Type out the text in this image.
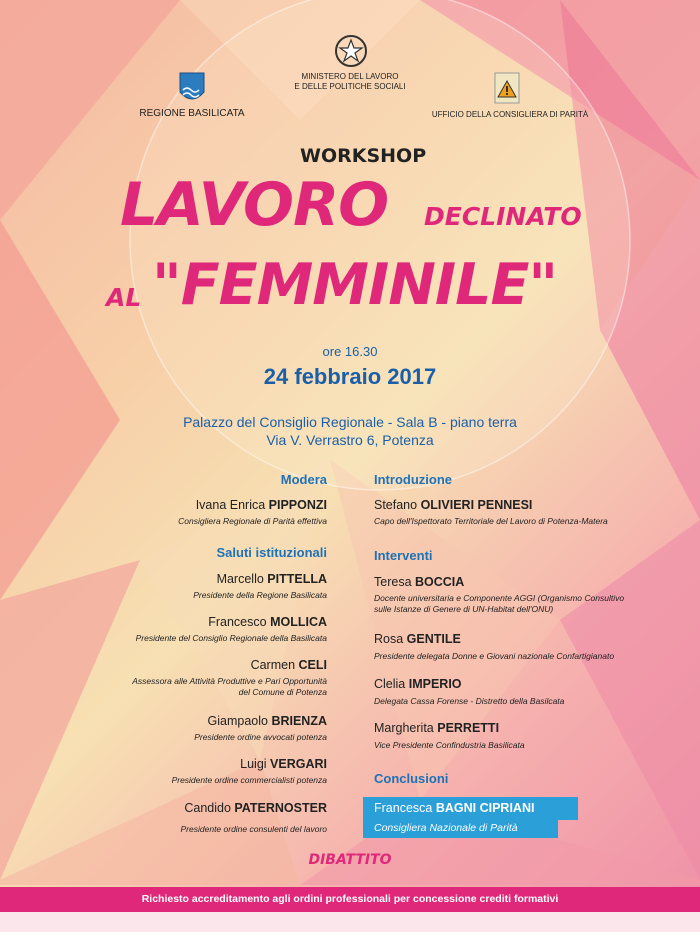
REGIONE BASILICATA
MINISTERO DEL LAVORO
E DELLE POLITICHE SOCIALI
UFFICIO DELLA CONSIGLIERA DI PARITÀ
WORKSHOP
LAVORO DECLINATO
AL "FEMMINILE"
ore 16.30
24 febbraio 2017
Palazzo del Consiglio Regionale - Sala B - piano terra
Via V. Verrastro 6, Potenza
Modera
Ivana Enrica PIPPONZI
Consigliera Regionale di Parità effettiva
Saluti istituzionali
Marcello PITTELLA
Presidente della Regione Basilicata
Francesco MOLLICA
Presidente del Consiglio Regionale della Basilicata
Carmen CELI
Assessora alle Attività Produttive e Pari Opportunità
del Comune di Potenza
Giampaolo BRIENZA
Presidente ordine avvocati potenza
Luigi VERGARI
Presidente ordine commercialisti potenza
Candido PATERNOSTER
Presidente ordine consulenti del lavoro
Introduzione
Stefano OLIVIERI PENNESI
Capo dell'Ispettorato Territoriale del Lavoro di Potenza-Matera
Interventi
Teresa BOCCIA
Docente universitaria e Componente AGGI (Organismo Consultivo
sulle Istanze di Genere di UN-Habitat dell'ONU)
Rosa GENTILE
Presidente delegata Donne e Giovani nazionale Confartigianato
Clelia IMPERIO
Delegata Cassa Forense - Distretto della Basilcata
Margherita PERRETTI
Vice Presidente Confindustria Basilicata
Conclusioni
Francesca BAGNI CIPRIANI
Consigliera Nazionale di Parità
DIBATTITO
Richiesto accreditamento agli ordini professionali per concessione crediti formativi
